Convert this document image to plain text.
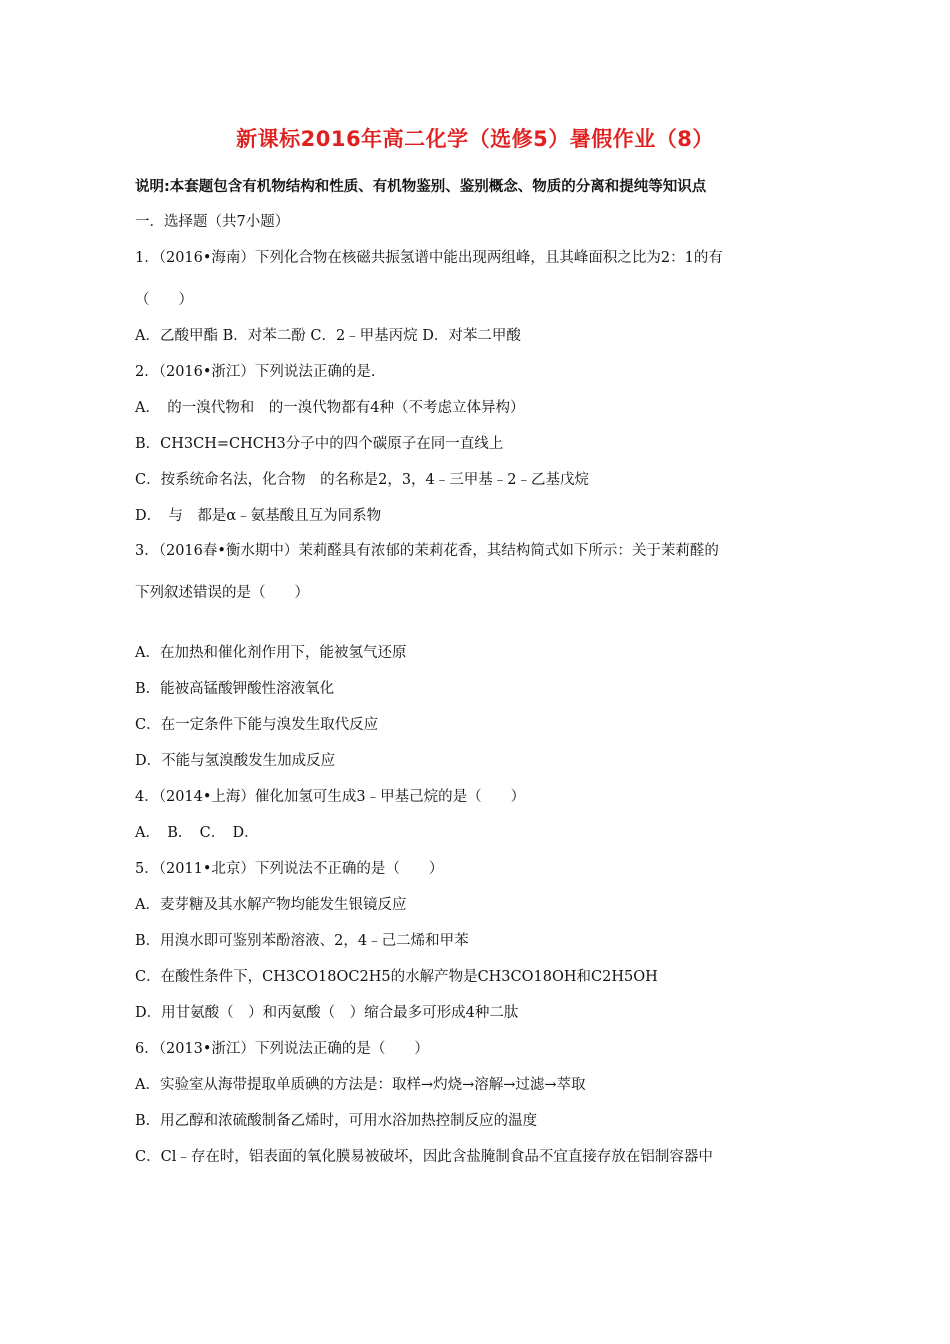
新课标2016年高二化学（选修5）暑假作业（8）
说明:本套题包含有机物结构和性质、有机物鉴别、鉴别概念、物质的分离和提纯等知识点
一．选择题（共7小题）
1．（2016•海南）下列化合物在核磁共振氢谱中能出现两组峰，且其峰面积之比为2：1的有
（　　）
A．乙酸甲酯 B．对苯二酚 C．2﹣甲基丙烷 D．对苯二甲酸
2．（2016•浙江）下列说法正确的是.
A．　的一溴代物和　的一溴代物都有4种（不考虑立体异构）
B．CH3CH=CHCH3分子中的四个碳原子在同一直线上
C．按系统命名法，化合物　的名称是2，3，4﹣三甲基﹣2﹣乙基戊烷
D．　与　都是α﹣氨基酸且互为同系物
3．（2016春•衡水期中）茉莉醛具有浓郁的茉莉花香，其结构简式如下所示：关于茉莉醛的
下列叙述错误的是（　　）
A．在加热和催化剂作用下，能被氢气还原
B．能被高锰酸钾酸性溶液氧化
C．在一定条件下能与溴发生取代反应
D．不能与氢溴酸发生加成反应
4．（2014•上海）催化加氢可生成3﹣甲基己烷的是（　　）
A．　B．　C．　D．
5．（2011•北京）下列说法不正确的是（　　）
A．麦芽糖及其水解产物均能发生银镜反应
B．用溴水即可鉴别苯酚溶液、2，4﹣己二烯和甲苯
C．在酸性条件下，CH3CO18OC2H5的水解产物是CH3CO18OH和C2H5OH
D．用甘氨酸（　）和丙氨酸（　）缩合最多可形成4种二肽
6．（2013•浙江）下列说法正确的是（　　）
A．实验室从海带提取单质碘的方法是：取样→灼烧→溶解→过滤→萃取
B．用乙醇和浓硫酸制备乙烯时，可用水浴加热控制反应的温度
C．Cl﹣存在时，铝表面的氧化膜易被破坏，因此含盐腌制食品不宜直接存放在铝制容器中
